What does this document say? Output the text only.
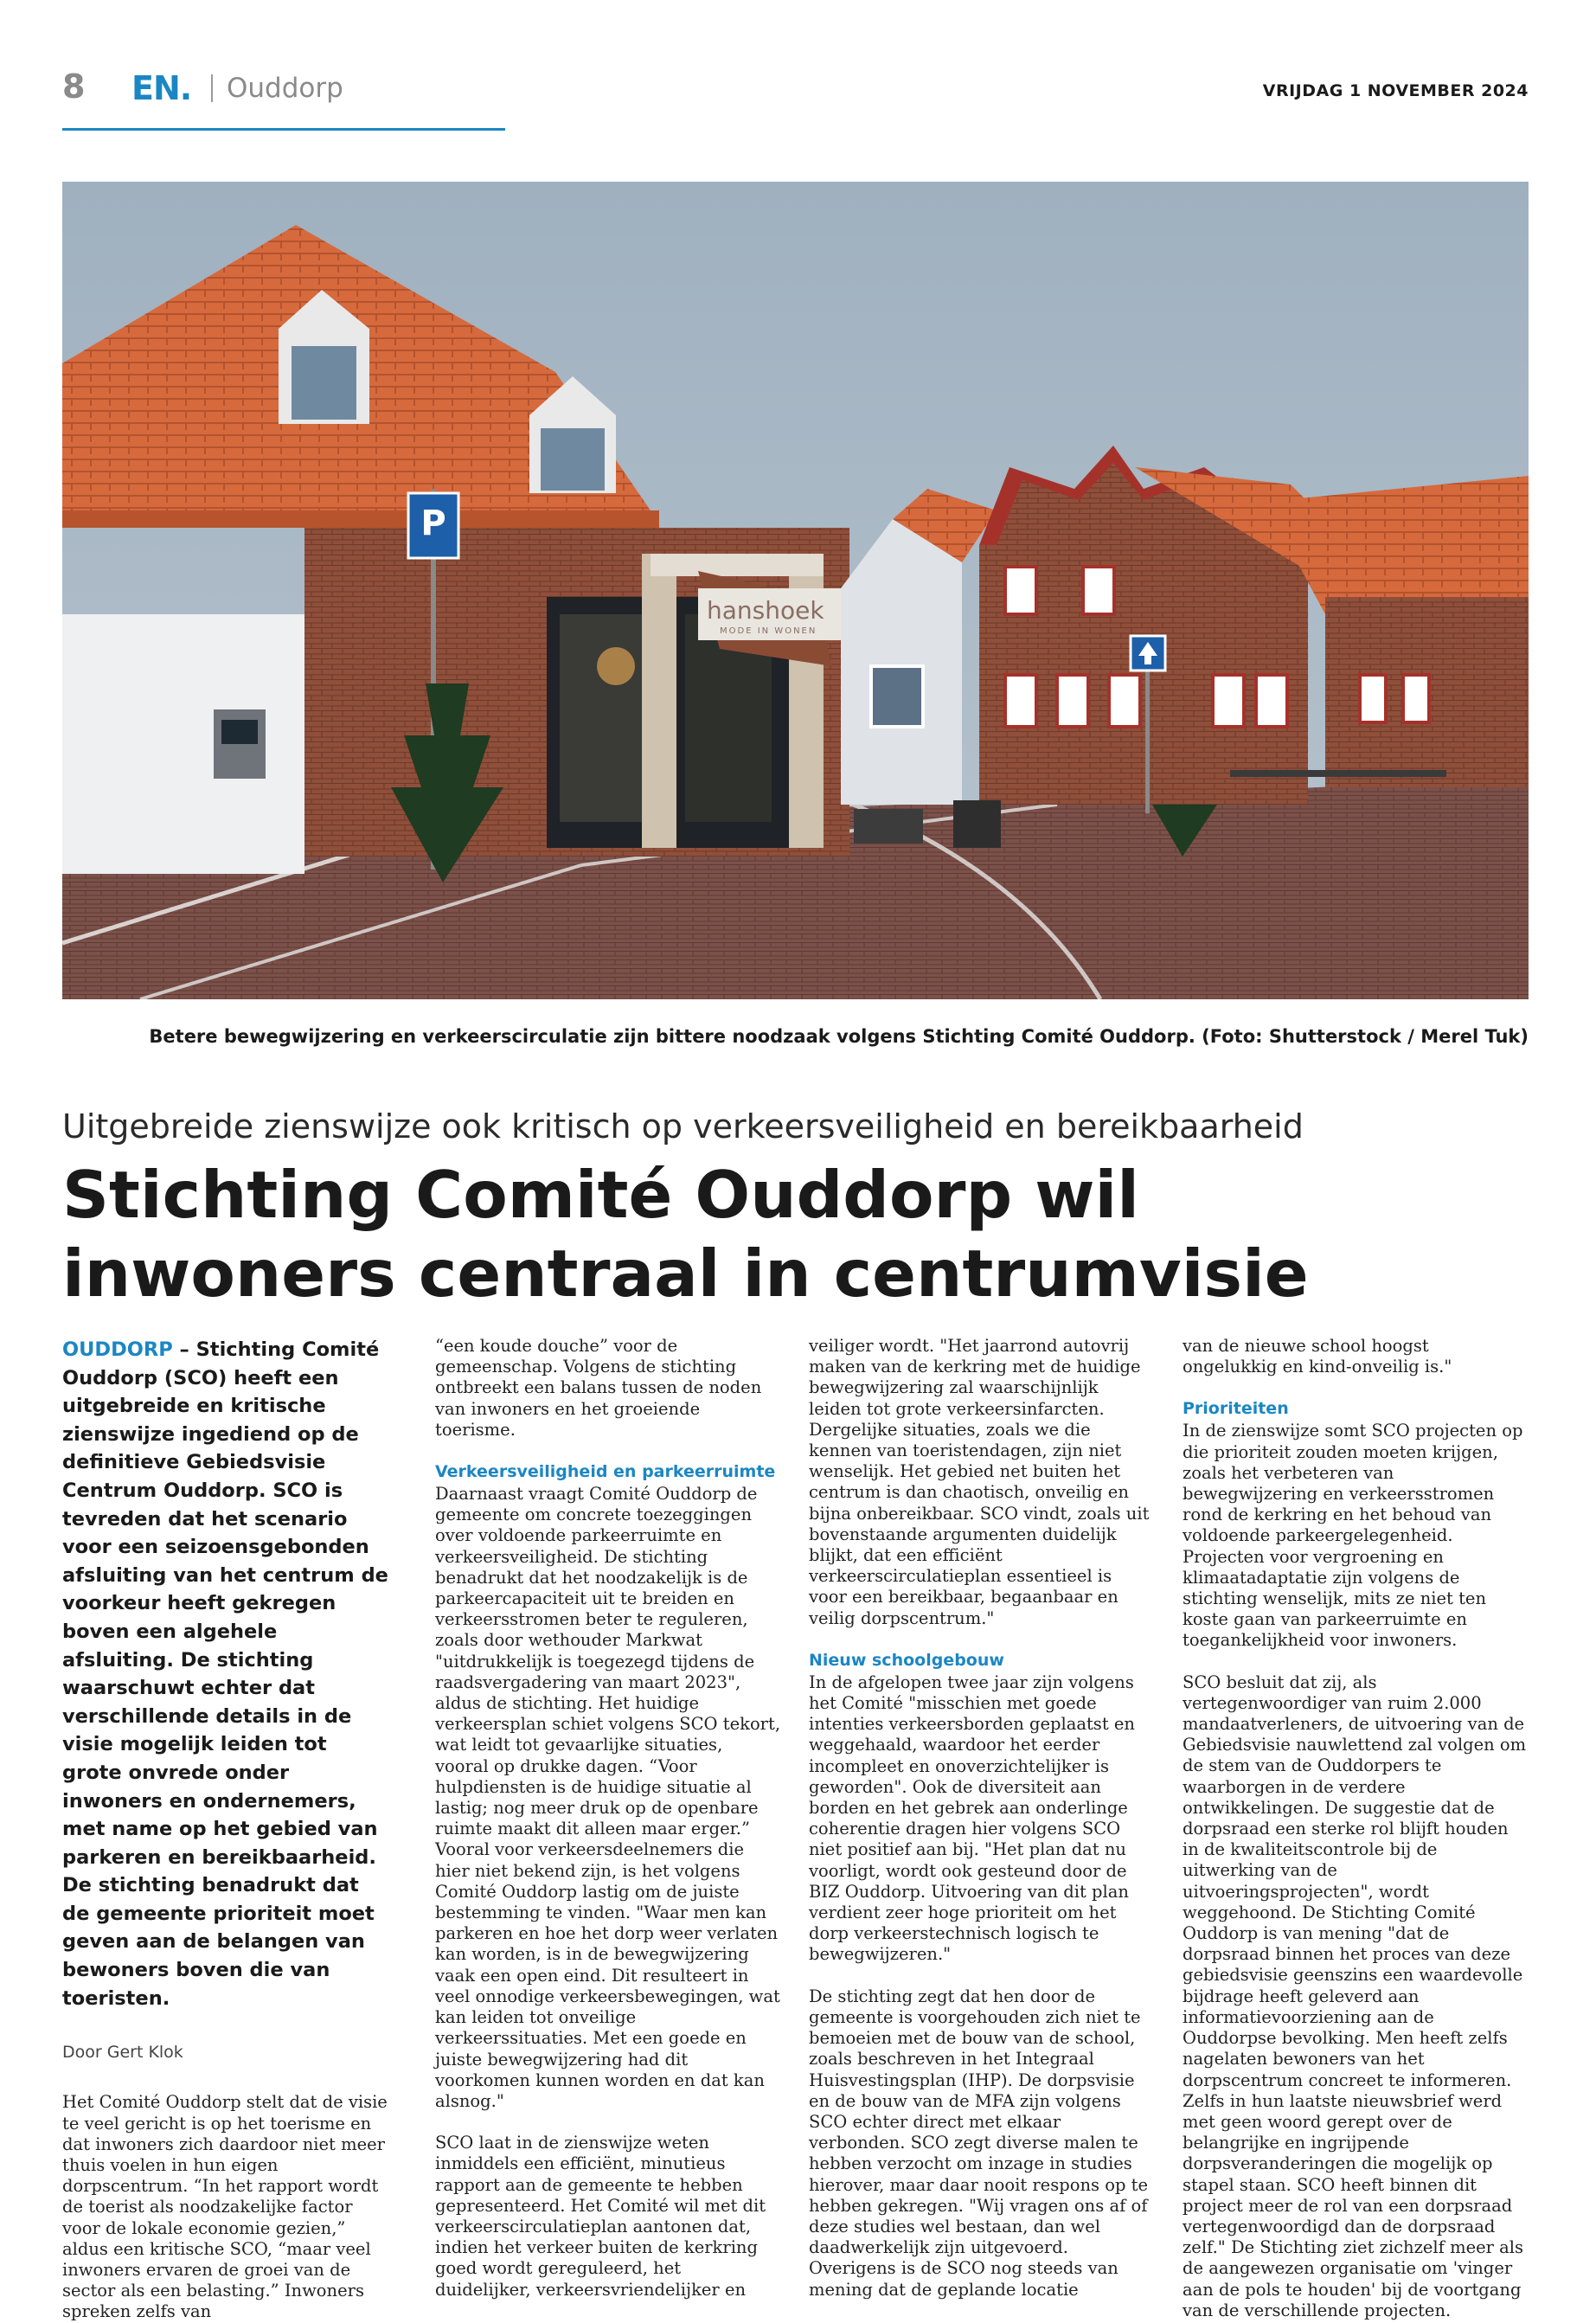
8 EN. Ouddorp	VRIJDAG 1 NOVEMBER 2024
P
hanshoek
MODE IN WONEN
Betere bewegwijzering en verkeerscirculatie zijn bittere noodzaak volgens Stichting Comité Ouddorp. (Foto: Shutterstock / Merel Tuk)
Uitgebreide zienswijze ook kritisch op verkeersveiligheid en bereikbaarheid
Stichting Comité Ouddorp wil
inwoners centraal in centrumvisie

OUDDORP – Stichting Comité Ouddorp (SCO) heeft een uitgebreide en kritische zienswijze ingediend op de definitieve Gebiedsvisie Centrum Ouddorp. SCO is tevreden dat het scenario voor een seizoensgebonden afsluiting van het centrum de voorkeur heeft gekregen boven een algehele afsluiting. De stichting waarschuwt echter dat verschillende details in de visie mogelijk leiden tot grote onvrede onder inwoners en ondernemers, met name op het gebied van parkeren en bereikbaarheid. De stichting benadrukt dat de gemeente prioriteit moet geven aan de belangen van bewoners boven die van toeristen.

Door Gert Klok

Het Comité Ouddorp stelt dat de visie te veel gericht is op het toerisme en dat inwoners zich daardoor niet meer thuis voelen in hun eigen dorpscentrum. “In het rapport wordt de toerist als noodzakelijke factor voor de lokale economie gezien,” aldus een kritische SCO, “maar veel inwoners ervaren de groei van de sector als een belasting.” Inwoners spreken zelfs van

“een koude douche” voor de gemeenschap. Volgens de stichting ontbreekt een balans tussen de noden van inwoners en het groeiende toerisme.

Verkeersveiligheid en parkeerruimte

Daarnaast vraagt Comité Ouddorp de gemeente om concrete toezeggingen over voldoende parkeerruimte en verkeersveiligheid. De stichting benadrukt dat het noodzakelijk is de parkeercapaciteit uit te breiden en verkeersstromen beter te reguleren, zoals door wethouder Markwat "uitdrukkelijk is toegezegd tijdens de raadsvergadering van maart 2023", aldus de stichting. Het huidige verkeersplan schiet volgens SCO tekort, wat leidt tot gevaarlijke situaties, vooral op drukke dagen. “Voor hulpdiensten is de huidige situatie al lastig; nog meer druk op de openbare ruimte maakt dit alleen maar erger.” Vooral voor verkeersdeelnemers die hier niet bekend zijn, is het volgens Comité Ouddorp lastig om de juiste bestemming te vinden. "Waar men kan parkeren en hoe het dorp weer verlaten kan worden, is in de bewegwijzering vaak een open eind. Dit resulteert in veel onnodige verkeersbewegingen, wat kan leiden tot onveilige verkeerssituaties. Met een goede en juiste bewegwijzering had dit voorkomen kunnen worden en dat kan alsnog."

SCO laat in de zienswijze weten inmiddels een efficiënt, minutieus rapport aan de gemeente te hebben gepresenteerd. Het Comité wil met dit verkeerscirculatieplan aantonen dat, indien het verkeer buiten de kerkring goed wordt gereguleerd, het duidelijker, verkeersvriendelijker en

veiliger wordt. "Het jaarrond autovrij maken van de kerkring met de huidige bewegwijzering zal waarschijnlijk leiden tot grote verkeersinfarcten. Dergelijke situaties, zoals we die kennen van toeristendagen, zijn niet wenselijk. Het gebied net buiten het centrum is dan chaotisch, onveilig en bijna onbereikbaar. SCO vindt, zoals uit bovenstaande argumenten duidelijk blijkt, dat een efficiënt verkeerscirculatieplan essentieel is voor een bereikbaar, begaanbaar en veilig dorpscentrum."

Nieuw schoolgebouw

In de afgelopen twee jaar zijn volgens het Comité "misschien met goede intenties verkeersborden geplaatst en weggehaald, waardoor het eerder incompleet en onoverzichtelijker is geworden". Ook de diversiteit aan borden en het gebrek aan onderlinge coherentie dragen hier volgens SCO niet positief aan bij. "Het plan dat nu voorligt, wordt ook gesteund door de BIZ Ouddorp. Uitvoering van dit plan verdient zeer hoge prioriteit om het dorp verkeerstechnisch logisch te bewegwijzeren."

De stichting zegt dat hen door de gemeente is voorgehouden zich niet te bemoeien met de bouw van de school, zoals beschreven in het Integraal Huisvestingsplan (IHP). De dorpsvisie en de bouw van de MFA zijn volgens SCO echter direct met elkaar verbonden. SCO zegt diverse malen te hebben verzocht om inzage in studies hierover, maar daar nooit respons op te hebben gekregen. "Wij vragen ons af of deze studies wel bestaan, dan wel daadwerkelijk zijn uitgevoerd. Overigens is de SCO nog steeds van mening dat de geplande locatie

van de nieuwe school hoogst ongelukkig en kind-onveilig is."

Prioriteiten

In de zienswijze somt SCO projecten op die prioriteit zouden moeten krijgen, zoals het verbeteren van bewegwijzering en verkeersstromen rond de kerkring en het behoud van voldoende parkeergelegenheid. Projecten voor vergroening en klimaatadaptatie zijn volgens de stichting wenselijk, mits ze niet ten koste gaan van parkeerruimte en toegankelijkheid voor inwoners.

SCO besluit dat zij, als vertegenwoordiger van ruim 2.000 mandaatverleners, de uitvoering van de Gebiedsvisie nauwlettend zal volgen om de stem van de Ouddorpers te waarborgen in de verdere ontwikkelingen. De suggestie dat de dorpsraad een sterke rol blijft houden in de kwaliteitscontrole bij de uitwerking van de uitvoeringsprojecten", wordt weggehoond. De Stichting Comité Ouddorp is van mening "dat de dorpsraad binnen het proces van deze gebiedsvisie geenszins een waardevolle bijdrage heeft geleverd aan informatievoorziening aan de Ouddorpse bevolking. Men heeft zelfs nagelaten bewoners van het dorpscentrum concreet te informeren. Zelfs in hun laatste nieuwsbrief werd met geen woord gerept over de belangrijke en ingrijpende dorpsveranderingen die mogelijk op stapel staan. SCO heeft binnen dit project meer de rol van een dorpsraad vertegenwoordigd dan de dorpsraad zelf." De Stichting ziet zichzelf meer als de aangewezen organisatie om 'vinger aan de pols te houden' bij de voortgang van de verschillende projecten.
